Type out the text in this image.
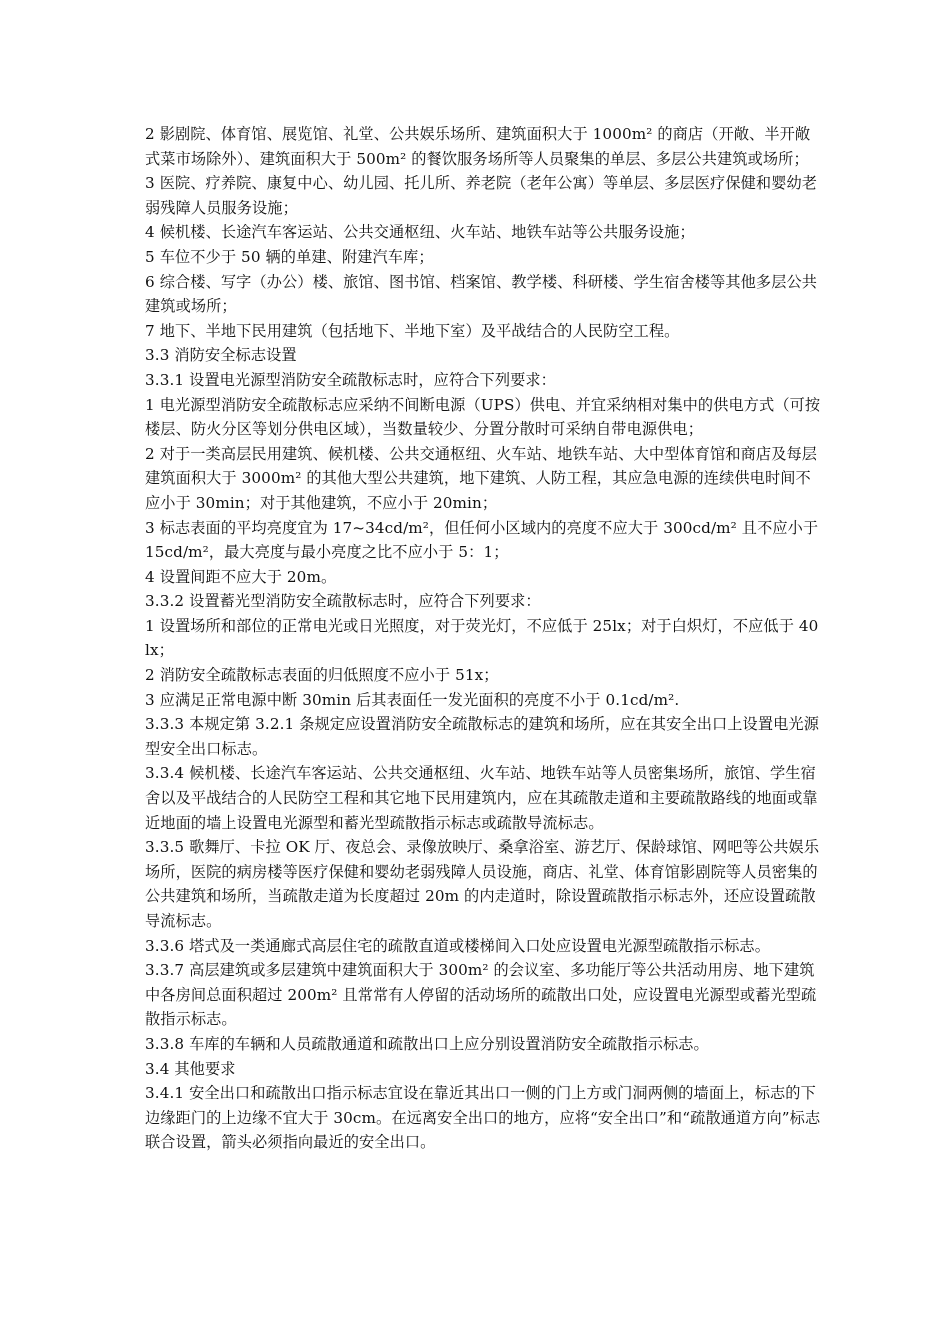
2 影剧院、体育馆、展览馆、礼堂、公共娱乐场所、建筑面积大于 1000m² 的商店（开敞、半开敞式菜市场除外）、建筑面积大于 500m² 的餐饮服务场所等人员聚集的单层、多层公共建筑或场所；

3 医院、疗养院、康复中心、幼儿园、托儿所、养老院（老年公寓）等单层、多层医疗保健和婴幼老弱残障人员服务设施；

4 候机楼、长途汽车客运站、公共交通枢纽、火车站、地铁车站等公共服务设施；

5 车位不少于 50 辆的单建、附建汽车库；

6 综合楼、写字（办公）楼、旅馆、图书馆、档案馆、教学楼、科研楼、学生宿舍楼等其他多层公共建筑或场所；

7 地下、半地下民用建筑（包括地下、半地下室）及平战结合的人民防空工程。

3.3 消防安全标志设置

3.3.1 设置电光源型消防安全疏散标志时，应符合下列要求：

1 电光源型消防安全疏散标志应采纳不间断电源（UPS）供电、并宜采纳相对集中的供电方式（可按楼层、防火分区等划分供电区域），当数量较少、分置分散时可采纳自带电源供电；

2 对于一类高层民用建筑、候机楼、公共交通枢纽、火车站、地铁车站、大中型体育馆和商店及每层建筑面积大于 3000m² 的其他大型公共建筑，地下建筑、人防工程，其应急电源的连续供电时间不应小于 30min；对于其他建筑，不应小于 20min；

3 标志表面的平均亮度宜为 17~34cd/m²，但任何小区域内的亮度不应大于 300cd/m² 且不应小于 15cd/m²，最大亮度与最小亮度之比不应小于 5：1；

4 设置间距不应大于 20m。

3.3.2 设置蓄光型消防安全疏散标志时，应符合下列要求：

1 设置场所和部位的正常电光或日光照度，对于荧光灯，不应低于 25lx；对于白炽灯，不应低于 40lx；

2 消防安全疏散标志表面的归低照度不应小于 51x；

3 应满足正常电源中断 30min 后其表面任一发光面积的亮度不小于 0.1cd/m².

3.3.3 本规定第 3.2.1 条规定应设置消防安全疏散标志的建筑和场所，应在其安全出口上设置电光源型安全出口标志。

3.3.4 候机楼、长途汽车客运站、公共交通枢纽、火车站、地铁车站等人员密集场所，旅馆、学生宿舍以及平战结合的人民防空工程和其它地下民用建筑内，应在其疏散走道和主要疏散路线的地面或靠近地面的墙上设置电光源型和蓄光型疏散指示标志或疏散导流标志。

3.3.5 歌舞厅、卡拉 OK 厅、夜总会、录像放映厅、桑拿浴室、游艺厅、保龄球馆、网吧等公共娱乐场所，医院的病房楼等医疗保健和婴幼老弱残障人员设施，商店、礼堂、体育馆影剧院等人员密集的公共建筑和场所，当疏散走道为长度超过 20m 的内走道时，除设置疏散指示标志外，还应设置疏散导流标志。

3.3.6 塔式及一类通廊式高层住宅的疏散直道或楼梯间入口处应设置电光源型疏散指示标志。

3.3.7 高层建筑或多层建筑中建筑面积大于 300m² 的会议室、多功能厅等公共活动用房、地下建筑中各房间总面积超过 200m² 且常常有人停留的活动场所的疏散出口处，应设置电光源型或蓄光型疏散指示标志。

3.3.8 车库的车辆和人员疏散通道和疏散出口上应分别设置消防安全疏散指示标志。

3.4 其他要求

3.4.1 安全出口和疏散出口指示标志宜设在靠近其出口一侧的门上方或门洞两侧的墙面上，标志的下边缘距门的上边缘不宜大于 30cm。在远离安全出口的地方，应将“安全出口”和“疏散通道方向”标志联合设置，箭头必须指向最近的安全出口。
